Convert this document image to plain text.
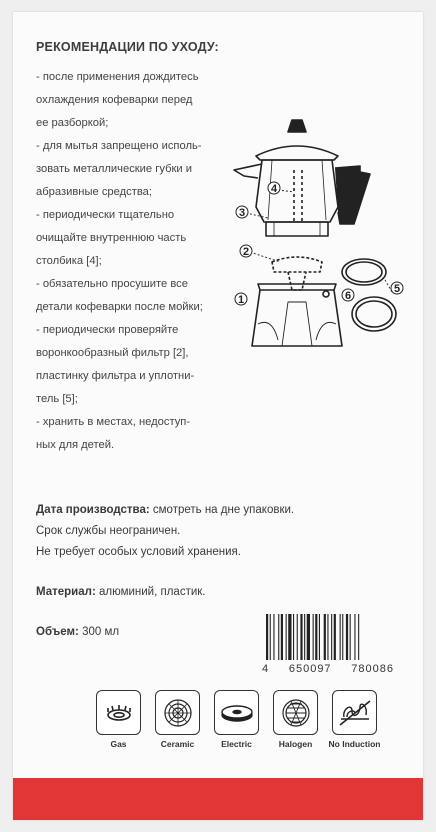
РЕКОМЕНДАЦИИ ПО УХОДУ:

- после применения дождитесь

охлаждения кофеварки перед

ее разборкой;

- для мытья запрещено исполь-

зовать металлические губки и

абразивные средства;

- периодически тщательно

очищайте внутреннюю часть

столбика [4];

- обязательно просушите все

детали кофеварки после мойки;

- периодически проверяйте

воронкообразный фильтр [2],

пластинку фильтра и уплотни-

тель [5];

- хранить в местах, недоступ-

ных для детей.

4
3
2
1	6
5
Дата производства: смотреть на дне упаковки.
Срок службы неограничен.
Не требует особых условий хранения.
Материал: алюминий, пластик.
Объем: 300 мл
4 650097 780086
Gas	Ceramic	Electric	Halogen	No Induction
